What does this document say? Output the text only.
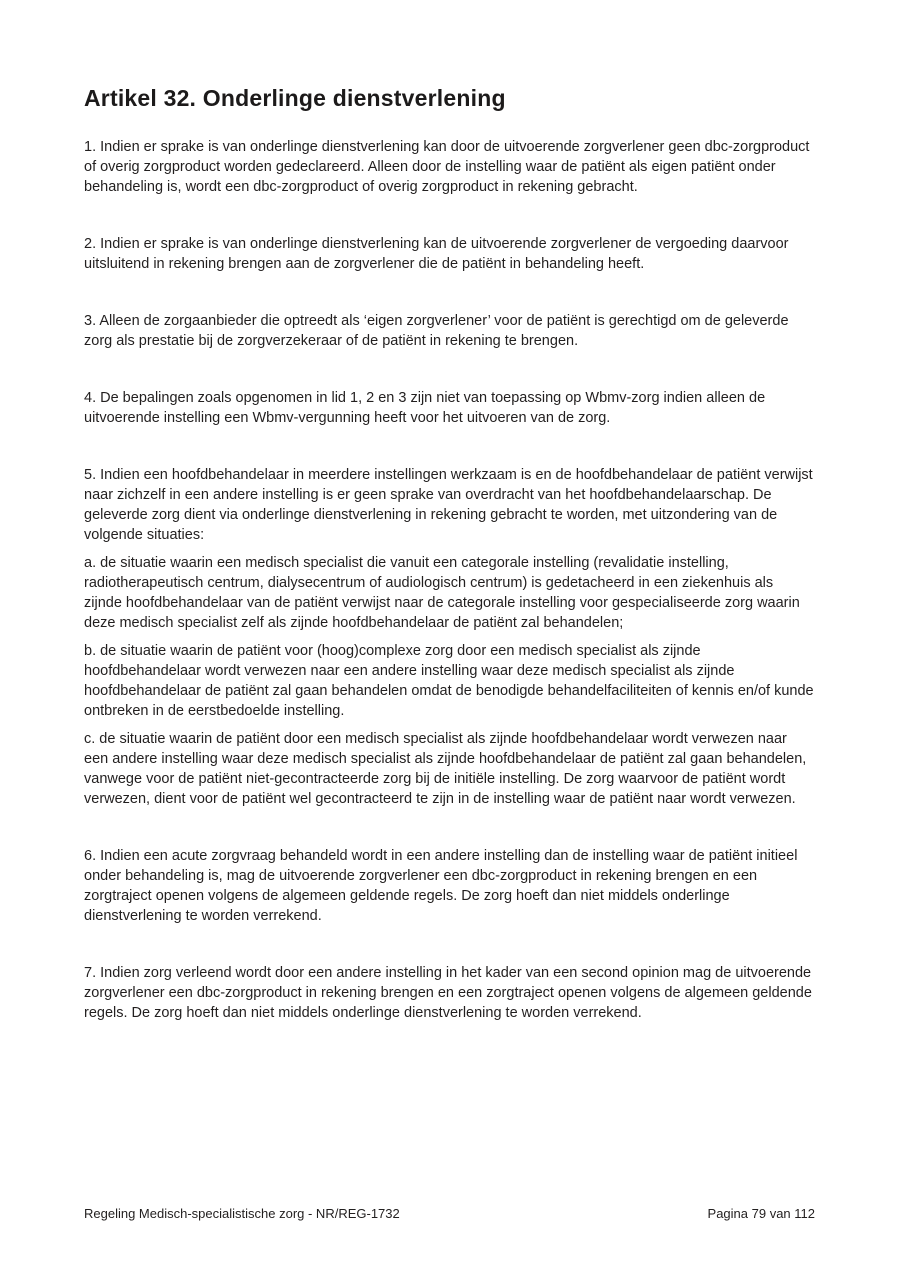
Artikel 32. Onderlinge dienstverlening

1. Indien er sprake is van onderlinge dienstverlening kan door de uitvoerende zorgverlener geen dbc-zorgproduct of overig zorgproduct worden gedeclareerd. Alleen door de instelling waar de patiënt als eigen patiënt onder behandeling is, wordt een dbc-zorgproduct of overig zorgproduct in rekening gebracht.

2. Indien er sprake is van onderlinge dienstverlening kan de uitvoerende zorgverlener de vergoeding daarvoor uitsluitend in rekening brengen aan de zorgverlener die de patiënt in behandeling heeft.

3. Alleen de zorgaanbieder die optreedt als ‘eigen zorgverlener’ voor de patiënt is gerechtigd om de geleverde zorg als prestatie bij de zorgverzekeraar of de patiënt in rekening te brengen.

4. De bepalingen zoals opgenomen in lid 1, 2 en 3 zijn niet van toepassing op Wbmv-zorg indien alleen de uitvoerende instelling een Wbmv-vergunning heeft voor het uitvoeren van de zorg.

5. Indien een hoofdbehandelaar in meerdere instellingen werkzaam is en de hoofdbehandelaar de patiënt verwijst naar zichzelf in een andere instelling is er geen sprake van overdracht van het hoofdbehandelaarschap. De geleverde zorg dient via onderlinge dienstverlening in rekening gebracht te worden, met uitzondering van de volgende situaties:

a. de situatie waarin een medisch specialist die vanuit een categorale instelling (revalidatie instelling, radiotherapeutisch centrum, dialysecentrum of audiologisch centrum) is gedetacheerd in een ziekenhuis als zijnde hoofdbehandelaar van de patiënt verwijst naar de categorale instelling voor gespecialiseerde zorg waarin deze medisch specialist zelf als zijnde hoofdbehandelaar de patiënt zal behandelen;

b. de situatie waarin de patiënt voor (hoog)complexe zorg door een medisch specialist als zijnde hoofdbehandelaar wordt verwezen naar een andere instelling waar deze medisch specialist als zijnde hoofdbehandelaar de patiënt zal gaan behandelen omdat de benodigde behandelfaciliteiten of kennis en/of kunde ontbreken in de eerstbedoelde instelling.

c. de situatie waarin de patiënt door een medisch specialist als zijnde hoofdbehandelaar wordt verwezen naar een andere instelling waar deze medisch specialist als zijnde hoofdbehandelaar de patiënt zal gaan behandelen, vanwege voor de patiënt niet-gecontracteerde zorg bij de initiële instelling. De zorg waarvoor de patiënt wordt verwezen, dient voor de patiënt wel gecontracteerd te zijn in de instelling waar de patiënt naar wordt verwezen.

6. Indien een acute zorgvraag behandeld wordt in een andere instelling dan de instelling waar de patiënt initieel onder behandeling is, mag de uitvoerende zorgverlener een dbc-zorgproduct in rekening brengen en een zorgtraject openen volgens de algemeen geldende regels. De zorg hoeft dan niet middels onderlinge dienstverlening te worden verrekend.

7. Indien zorg verleend wordt door een andere instelling in het kader van een second opinion mag de uitvoerende zorgverlener een dbc-zorgproduct in rekening brengen en een zorgtraject openen volgens de algemeen geldende regels. De zorg hoeft dan niet middels onderlinge dienstverlening te worden verrekend.

Regeling Medisch-specialistische zorg - NR/REG-1732	Pagina 79 van 112
